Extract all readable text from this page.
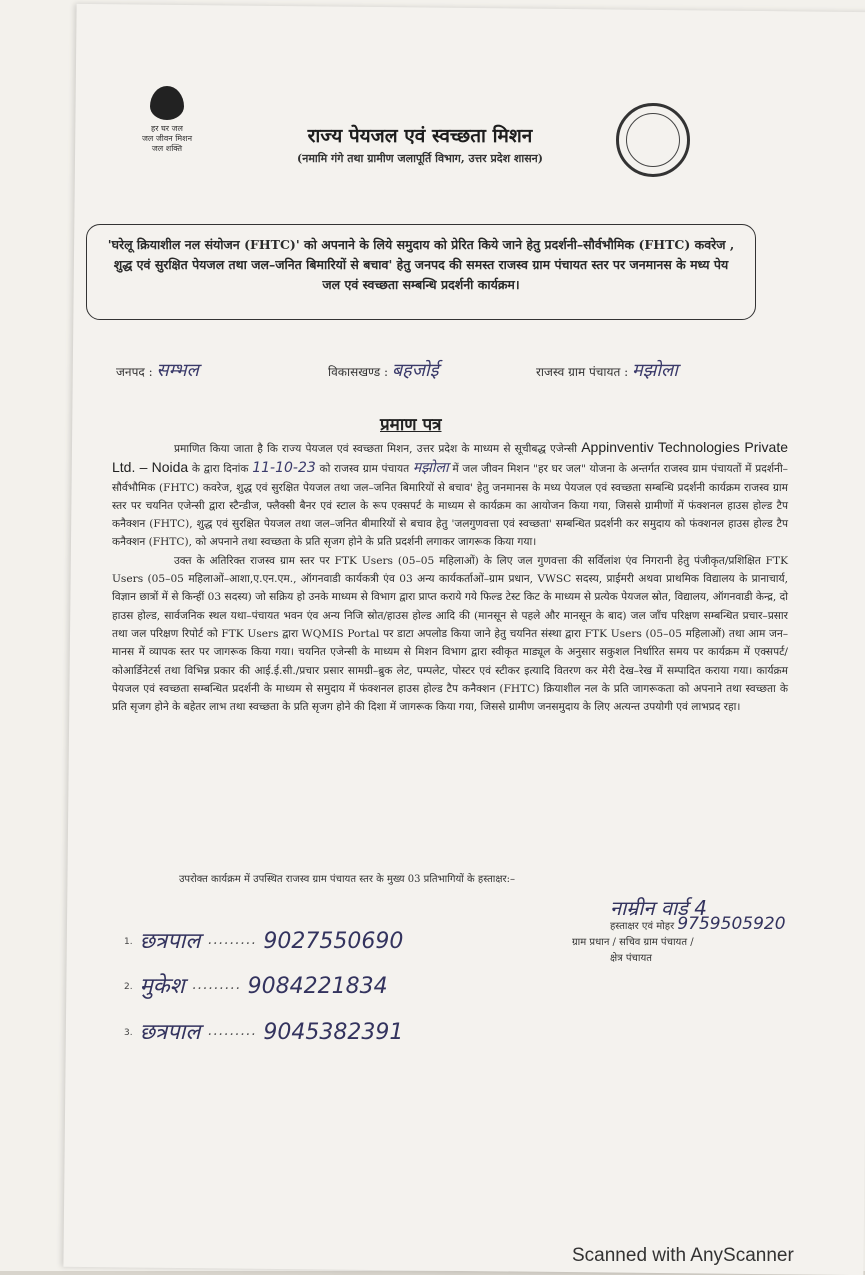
हर घर जल
जल जीवन मिशन
जल शक्ति
राज्य पेयजल एवं स्वच्छता मिशन
(नमामि गंगे तथा ग्रामीण जलापूर्ति विभाग, उत्तर प्रदेश शासन)
'घरेलू क्रियाशील नल संयोजन (FHTC)' को अपनाने के लिये समुदाय को प्रेरित किये जाने हेतु प्रदर्शनी–सौर्वभौमिक (FHTC) कवरेज , शुद्ध एवं सुरक्षित पेयजल तथा जल–जनित बिमारियों से बचाव' हेतु जनपद की समस्त राजस्व ग्राम पंचायत स्तर पर जनमानस के मध्य पेय जल एवं स्वच्छता सम्बन्धि प्रदर्शनी कार्यक्रम।
जनपद : सम्भल	विकासखण्ड : बहजोई	राजस्व ग्राम पंचायत : मझोला
प्रमाण पत्र

प्रमाणित किया जाता है कि राज्य पेयजल एवं स्वच्छता मिशन, उत्तर प्रदेश के माध्यम से सूचीबद्ध एजेन्सी Appinventiv Technologies Private Ltd. – Noida के द्वारा दिनांक 11-10-23 को राजस्व ग्राम पंचायत मझोला में जल जीवन मिशन "हर घर जल" योजना के अन्तर्गत राजस्व ग्राम पंचायतों में प्रदर्शनी–सौर्वभौमिक (FHTC) कवरेज, शुद्ध एवं सुरक्षित पेयजल तथा जल–जनित बिमारियों से बचाव' हेतु जनमानस के मध्य पेयजल एवं स्वच्छता सम्बन्धि प्रदर्शनी कार्यक्रम राजस्व ग्राम स्तर पर चयनित एजेन्सी द्वारा स्टैन्डीज, फ्लैक्सी बैनर एवं स्टाल के रूप एक्सपर्ट के माध्यम से कार्यक्रम का आयोजन किया गया, जिससे ग्रामीणों में फंक्शनल हाउस होल्ड टैप कनैक्शन (FHTC), शुद्ध एवं सुरक्षित पेयजल तथा जल–जनित बीमारियों से बचाव हेतु 'जलगुणवत्ता एवं स्वच्छता' सम्बन्धित प्रदर्शनी कर समुदाय को फंक्शनल हाउस होल्ड टैप कनैक्शन (FHTC), को अपनाने तथा स्वच्छता के प्रति सृजग होने के प्रति प्रदर्शनी लगाकर जागरूक किया गया।

उक्त के अतिरिक्त राजस्व ग्राम स्तर पर FTK Users (05–05 महिलाओं) के लिए जल गुणवत्ता की सर्विलांश एंव निगरानी हेतु पंजीकृत/प्रशिक्षित FTK Users (05–05 महिलाओं–आशा,ए.एन.एम., ऑगनवाडी कार्यकत्री एंव 03 अन्य कार्यकर्ताओं–ग्राम प्रधान, VWSC सदस्य, प्राईमरी अथवा प्राथमिक विद्यालय के प्रानाचार्य, विज्ञान छात्रों में से किन्हीं 03 सदस्य) जो सक्रिय हो उनके माध्यम से विभाग द्वारा प्राप्त कराये गये फिल्ड टेस्ट किट के माध्यम से प्रत्येक पेयजल स्रोत, विद्यालय, ऑगनवाडी केन्द्र, दो हाउस होल्ड, सार्वजनिक स्थल यथा–पंचायत भवन एंव अन्य निजि स्रोत/हाउस होल्ड आदि की (मानसून से पहले और मानसून के बाद) जल जाँच परिक्षण सम्बन्धित प्रचार–प्रसार तथा जल परिक्षण रिपोर्ट को FTK Users द्वारा WQMIS Portal पर डाटा अपलोड किया जाने हेतु चयनित संस्था द्वारा FTK Users (05–05 महिलाओं) तथा आम जन–मानस में व्यापक स्तर पर जागरूक किया गया। चयनित एजेन्सी के माध्यम से मिशन विभाग द्वारा स्वीकृत माड्यूल के अनुसार सकुशल निर्धारित समय पर कार्यक्रम में एक्सपर्ट/कोआर्डिनेटर्स तथा विभिन्न प्रकार की आई.ई.सी./प्रचार प्रसार सामग्री–ब्रुक लेट, पम्पलेट, पोस्टर एवं स्टीकर इत्यादि वितरण कर मेरी देख–रेख में सम्पादित कराया गया। कार्यक्रम पेयजल एवं स्वच्छता सम्बन्धित प्रदर्शनी के माध्यम से समुदाय में फंक्शनल हाउस होल्ड टैप कनैक्शन (FHTC) क्रियाशील नल के प्रति जागरूकता को अपनाने तथा स्वच्छता के प्रति सृजग होने के बहेतर लाभ तथा स्वच्छता के प्रति सृजग होने की दिशा में जागरूक किया गया, जिससे ग्रामीण जनसमुदाय के लिए अत्यन्त उपयोगी एवं लाभप्रद रहा।

उपरोक्त कार्यक्रम में उपस्थित राजस्व ग्राम पंचायत स्तर के मुख्य 03 प्रतिभागियों के हस्ताक्षर:–
1. छत्रपाल ········· 9027550690
2. मुकेश ········· 9084221834
3. छत्रपाल ········· 9045382391
नाम्रीन वार्ड 4
हस्ताक्षर एवं मोहर 9759505920
ग्राम प्रधान / सचिव ग्राम पंचायत /
क्षेत्र पंचायत
Scanned with AnyScanner
